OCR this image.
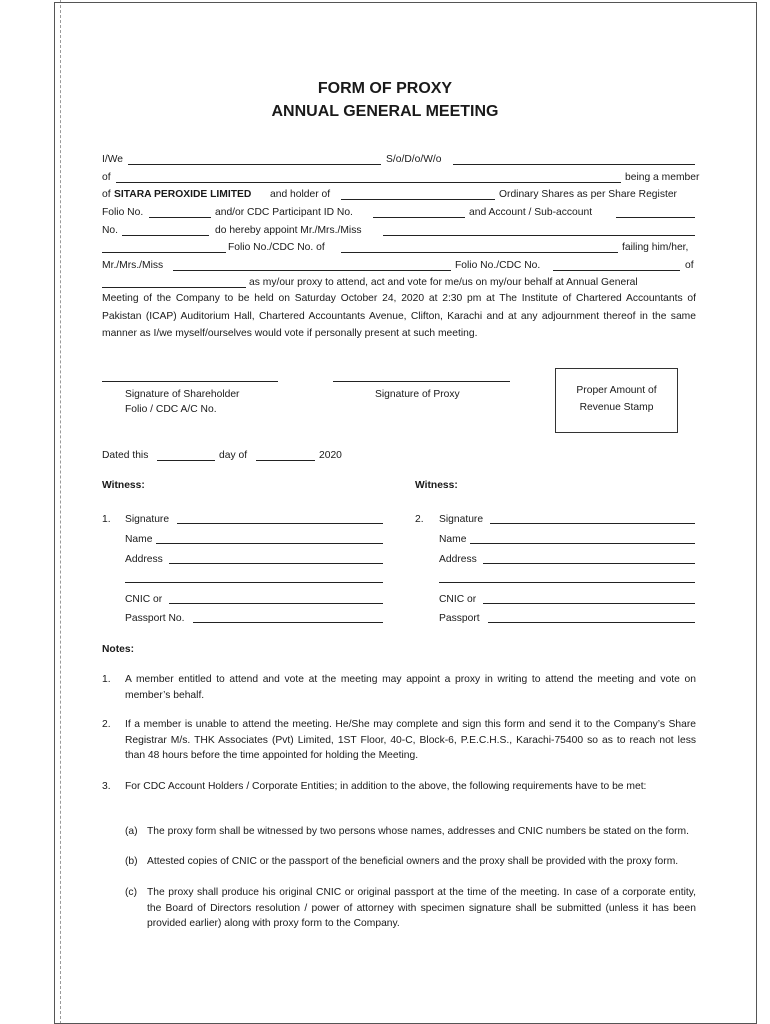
FORM OF PROXY
ANNUAL GENERAL MEETING
I/We	S/o/D/o/W/o
of	being a member
of SITARA PEROXIDE LIMITED and holder of	Ordinary Shares as per Share Register
Folio No.	and/or CDC Participant ID No.	and Account / Sub-account
No.	do hereby appoint Mr./Mrs./Miss
Folio No./CDC No. of	failing him/her,
Mr./Mrs./Miss	Folio No./CDC No.	of
as my/our proxy to attend, act and vote for me/us on my/our behalf at Annual General
Meeting of the Company to be held on Saturday October 24, 2020 at 2:30 pm at The Institute of Chartered Accountants of Pakistan (ICAP) Auditorium Hall, Chartered Accountants Avenue, Clifton, Karachi and at any adjournment thereof in the same manner as I/we myself/ourselves would vote if personally present at such meeting.
Signature of Shareholder
Folio / CDC A/C No.
Signature of Proxy	Proper Amount of
Revenue Stamp
Dated this	day of	2020
Witness:	Witness:
1. Signature
Name
Address
CNIC or
Passport No.
2. Signature
Name
Address
CNIC or
Passport
Notes:
1. A member entitled to attend and vote at the meeting may appoint a proxy in writing to attend the meeting and vote on member’s behalf.
2. If a member is unable to attend the meeting. He/She may complete and sign this form and send it to the Company’s Share Registrar M/s. THK Associates (Pvt) Limited, 1ST Floor, 40-C, Block-6, P.E.C.H.S., Karachi-75400 so as to reach not less than 48 hours before the time appointed for holding the Meeting.
3. For CDC Account Holders / Corporate Entities; in addition to the above, the following requirements have to be met:
(a) The proxy form shall be witnessed by two persons whose names, addresses and CNIC numbers be stated on the form.
(b) Attested copies of CNIC or the passport of the beneficial owners and the proxy shall be provided with the proxy form.
(c) The proxy shall produce his original CNIC or original passport at the time of the meeting. In case of a corporate entity, the Board of Directors resolution / power of attorney with specimen signature shall be submitted (unless it has been provided earlier) along with proxy form to the Company.
